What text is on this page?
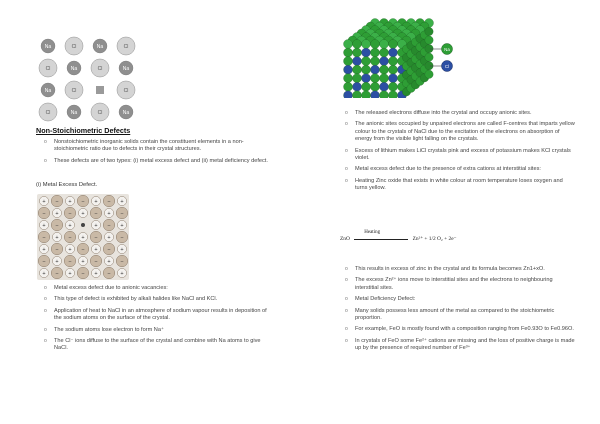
Na	Cl	Na	Cl
Cl	Na	Cl	Na
Na	Cl	Cl
Cl	Na	Cl	Na
Non-Stoichiometric Defects
o Nonstoichiometric inorganic solids contain the constituent elements in a non-stoichiometric ratio due to defects in their crystal structures.
o These defects are of two types: (i) metal excess defect and (ii) metal deficiency defect.
(i) Metal Excess Defect.
+ − + − + − +
− + − + − + −
+ − +	+ − +
− + − + − + −
+ − + − + − +
− + − + − + −
+ − + − + − +
o Metal excess defect due to anionic vacancies:
o This type of defect is exhibited by alkali halides like NaCl and KCl.
o Application of heat to NaCl in an atmosphere of sodium vapour results in deposition of the sodium atoms on the surface of the crystal.
o The sodium atoms lose electron to form Na⁺
o The Cl⁻ ions diffuse to the surface of the crystal and combine with Na atoms to give NaCl.
Na
Cl
o The released electrons diffuse into the crystal and occupy anionic sites.
o The anionic sites occupied by unpaired electrons are called F-centres that imparts yellow colour to the crystals of NaCl due to the excitation of the electrons on absorption of energy from the visible light falling on the crystals.
o Excess of lithium makes LiCl crystals pink and excess of potassium makes KCl crystals violet.
o Metal excess defect due to the presence of extra cations at interstitial sites:
o Heating Zinc oxide that exists in white colour at room temperature loses oxygen and turns yellow.
ZnO
Heating
Zn²⁺ + 1/2 O₂ + 2e⁻
o This results in excess of zinc in the crystal and its formula becomes Zn1+xO.
o The excess Zn²⁺ ions move to interstitial sites and the electrons to neighbouring interstitial sites.
o Metal Deficiency Defect:
o Many solids possess less amount of the metal as compared to the stoichiometric proportion.
o For example, FeO is mostly found with a composition ranging from Fe0.93O to Fe0.96O.
o In crystals of FeO some Fe²⁺ cations are missing and the loss of positive charge is made up by the presence of required number of Fe³⁺
